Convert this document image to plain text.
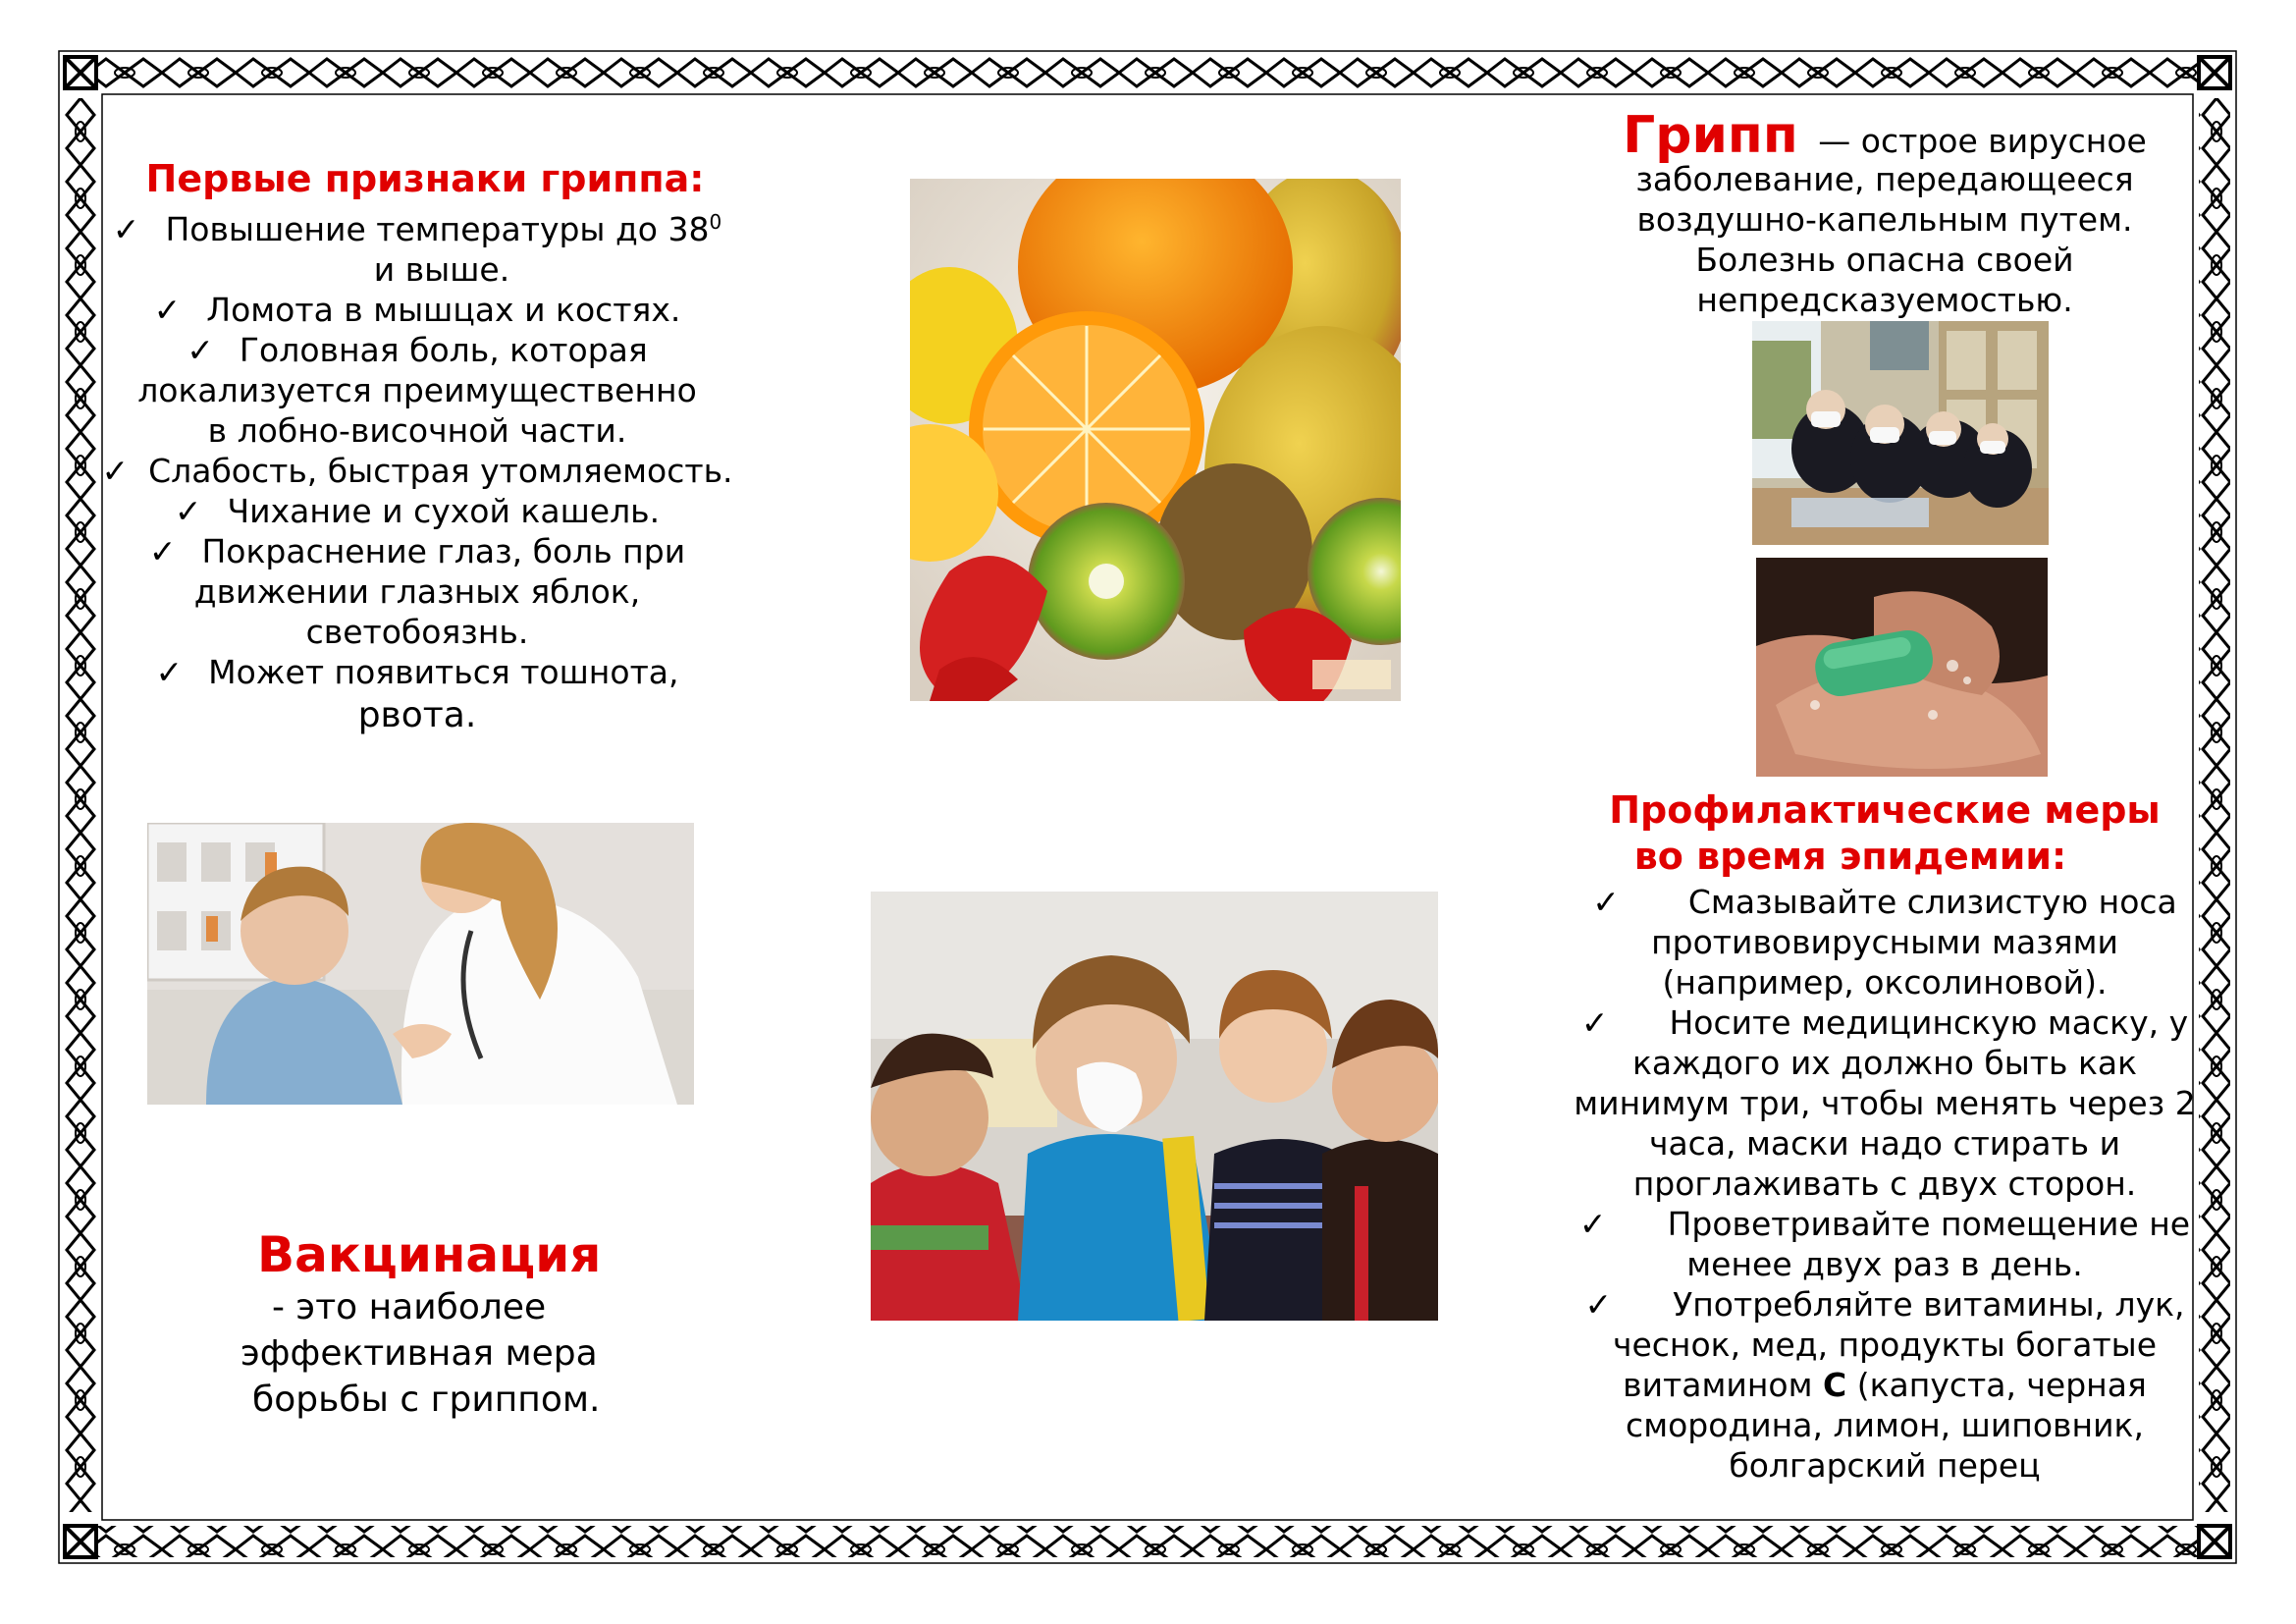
Первые признаки гриппа:
✓ Повышение температуры до $38^0$
и выше.
✓ Ломота в мышцах и костях.
✓ Головная боль, которая
локализуется преимущественно
в лобно-височной части.
✓ Слабость, быстрая утомляемость.
✓ Чихание и сухой кашель.
✓ Покраснение глаз, боль при
движении глазных яблок,
светобоязнь.
✓ Может появиться тошнота,
рвота.
Вакцинация
- это наиболее
эффективная мера
борьбы с гриппом.
Грипп — острое вирусное
заболевание, передающееся
воздушно-капельным путем.
Болезнь опасна своей
непредсказуемостью.
Профилактические меры
во время эпидемии:
✓ Смазывайте слизистую носа
противовирусными мазями
(например, оксолиновой).
✓ Носите медицинскую маску, у
каждого их должно быть как
минимум три, чтобы менять через 2
часа, маски надо стирать и
проглаживать с двух сторон.
✓ Проветривайте помещение не
менее двух раз в день.
✓ Употребляйте витамины, лук,
чеснок, мед, продукты богатые
витамином С (капуста, черная
смородина, лимон, шиповник,
болгарский перец
